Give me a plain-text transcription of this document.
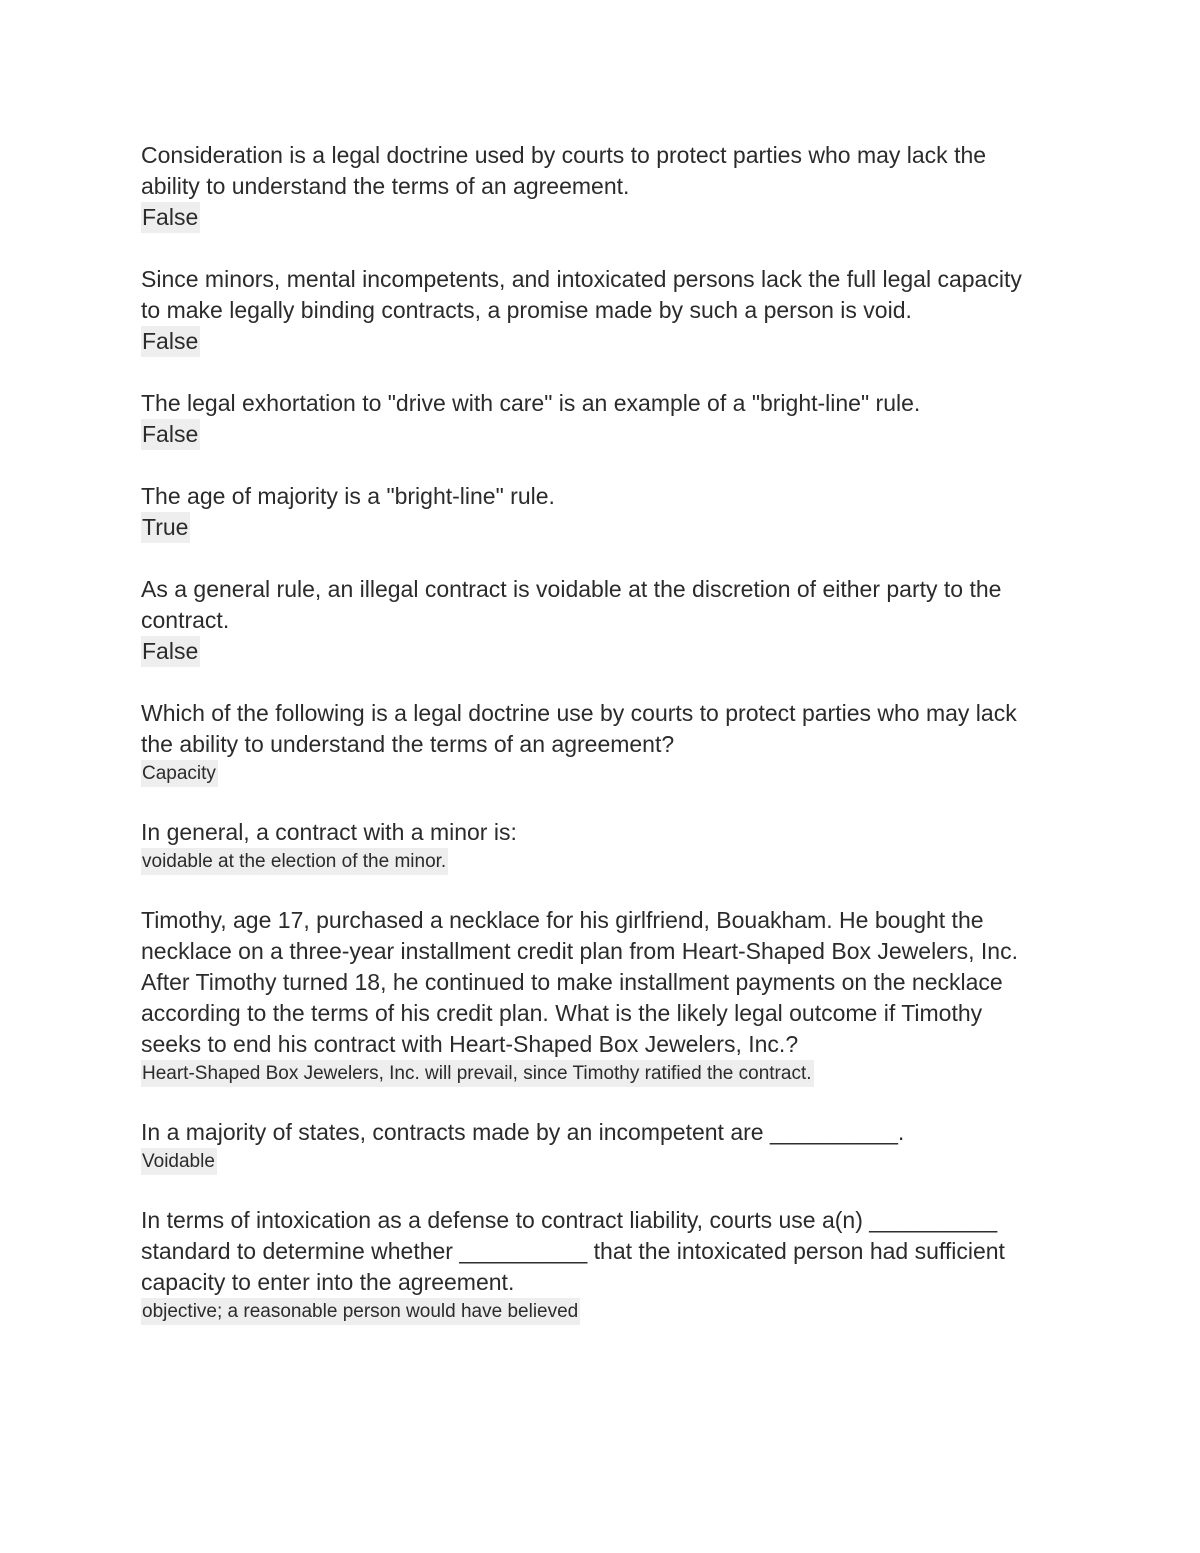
Consideration is a legal doctrine used by courts to protect parties who may lack the
ability to understand the terms of an agreement.

False

Since minors, mental incompetents, and intoxicated persons lack the full legal capacity
to make legally binding contracts, a promise made by such a person is void.

False

The legal exhortation to "drive with care" is an example of a "bright-line" rule.

False

The age of majority is a "bright-line" rule.

True

As a general rule, an illegal contract is voidable at the discretion of either party to the
contract.

False

Which of the following is a legal doctrine use by courts to protect parties who may lack
the ability to understand the terms of an agreement?

Capacity

In general, a contract with a minor is:

voidable at the election of the minor.

Timothy, age 17, purchased a necklace for his girlfriend, Bouakham. He bought the
necklace on a three-year installment credit plan from Heart-Shaped Box Jewelers, Inc.
After Timothy turned 18, he continued to make installment payments on the necklace
according to the terms of his credit plan. What is the likely legal outcome if Timothy
seeks to end his contract with Heart-Shaped Box Jewelers, Inc.?

Heart-Shaped Box Jewelers, Inc. will prevail, since Timothy ratified the contract.

In a majority of states, contracts made by an incompetent are __________.

Voidable

In terms of intoxication as a defense to contract liability, courts use a(n) __________
standard to determine whether __________ that the intoxicated person had sufficient
capacity to enter into the agreement.

objective; a reasonable person would have believed
